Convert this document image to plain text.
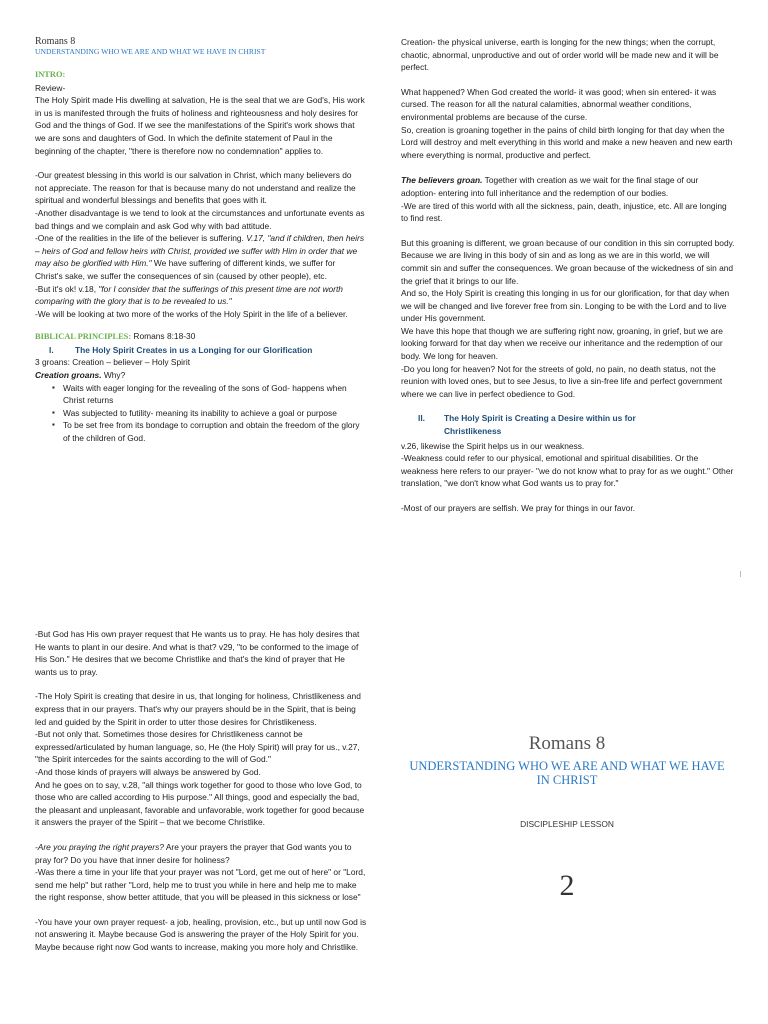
Romans 8
UNDERSTANDING WHO WE ARE AND WHAT WE HAVE IN CHRIST

INTRO:

Review-

The Holy Spirit made His dwelling at salvation, He is the seal that we are God's, His work in us is manifested through the fruits of holiness and righteousness and holy desires for God and the things of God. If we see the manifestations of the Spirit's work shows that we are sons and daughters of God. In which the definite statement of Paul in the beginning of the chapter, "there is therefore now no condemnation" applies to.

-Our greatest blessing in this world is our salvation in Christ, which many believers do not appreciate. The reason for that is because many do not understand and realize the spiritual and wonderful blessings and benefits that goes with it.

-Another disadvantage is we tend to look at the circumstances and unfortunate events as bad things and we complain and ask God why with bad attitude.

-One of the realities in the life of the believer is suffering. V.17, "and if children, then heirs – heirs of God and fellow heirs with Christ, provided we suffer with Him in order that we may also be glorified with Him." We have suffering of different kinds, we suffer for Christ's sake, we suffer the consequences of sin (caused by other people), etc.

-But it's ok! v.18, "for I consider that the sufferings of this present time are not worth comparing with the glory that is to be revealed to us."

-We will be looking at two more of the works of the Holy Spirit in the life of a believer.

BIBLICAL PRINCIPLES: Romans 8:18-30

I.	The Holy Spirit Creates in us a Longing for our Glorification

3 groans: Creation – believer – Holy Spirit

Creation groans. Why?

▪ Waits with eager longing for the revealing of the sons of God- happens when Christ returns
▪ Was subjected to futility- meaning its inability to achieve a goal or purpose
▪ To be set free from its bondage to corruption and obtain the freedom of the glory of the children of God.

Creation- the physical universe, earth is longing for the new things; when the corrupt, chaotic, abnormal, unproductive and out of order world will be made new and it will be perfect.

What happened? When God created the world- it was good; when sin entered- it was cursed. The reason for all the natural calamities, abnormal weather conditions, environmental problems are because of the curse.

So, creation is groaning together in the pains of child birth longing for that day when the Lord will destroy and melt everything in this world and make a new heaven and new earth where everything is normal, productive and perfect.

The believers groan. Together with creation as we wait for the final stage of our adoption- entering into full inheritance and the redemption of our bodies.

-We are tired of this world with all the sickness, pain, death, injustice, etc. All are longing to find rest.

But this groaning is different, we groan because of our condition in this sin corrupted body. Because we are living in this body of sin and as long as we are in this world, we will commit sin and suffer the consequences. We groan because of the wickedness of sin and the grief that it brings to our life.

And so, the Holy Spirit is creating this longing in us for our glorification, for that day when we will be changed and live forever free from sin. Longing to be with the Lord and to live under His government.

We have this hope that though we are suffering right now, groaning, in grief, but we are looking forward for that day when we receive our inheritance and the redemption of our body. We long for heaven.

-Do you long for heaven? Not for the streets of gold, no pain, no death status, not the reunion with loved ones, but to see Jesus, to live a sin-free life and perfect government where we can live in perfect obedience to God.

II.	The Holy Spirit is Creating a Desire within us for Christlikeness

v.26, likewise the Spirit helps us in our weakness.

-Weakness could refer to our physical, emotional and spiritual disabilities. Or the weakness here refers to our prayer- "we do not know what to pray for as we ought." Other translation, "we don't know what God wants us to pray for."

-Most of our prayers are selfish. We pray for things in our favor.

-But God has His own prayer request that He wants us to pray. He has holy desires that He wants to plant in our desire. And what is that? v29, "to be conformed to the image of His Son." He desires that we become Christlike and that's the kind of prayer that He wants us to pray.

-The Holy Spirit is creating that desire in us, that longing for holiness, Christlikeness and express that in our prayers. That's why our prayers should be in the Spirit, that is being led and guided by the Spirit in order to utter those desires for Christlikeness.

-But not only that. Sometimes those desires for Christlikeness cannot be expressed/articulated by human language, so, He (the Holy Spirit) will pray for us., v.27, "the Spirit intercedes for the saints according to the will of God."

-And those kinds of prayers will always be answered by God.

And he goes on to say, v.28, "all things work together for good to those who love God, to those who are called according to His purpose." All things, good and especially the bad, the pleasant and unpleasant, favorable and unfavorable, work together for good because it answers the prayer of the Spirit – that we become Christlike.

-Are you praying the right prayers? Are your prayers the prayer that God wants you to pray for? Do you have that inner desire for holiness?

-Was there a time in your life that your prayer was not "Lord, get me out of here" or "Lord, send me help" but rather "Lord, help me to trust you while in here and help me to make the right response, show better attitude, that you will be pleased in this sickness or lose"

-You have your own prayer request- a job, healing, provision, etc., but up until now God is not answering it. Maybe because God is answering the prayer of the Holy Spirit for you. Maybe because right now God wants to increase, making you more holy and Christlike.

Romans 8
UNDERSTANDING WHO WE ARE AND WHAT WE HAVE IN CHRIST
DISCIPLESHIP LESSON
2
